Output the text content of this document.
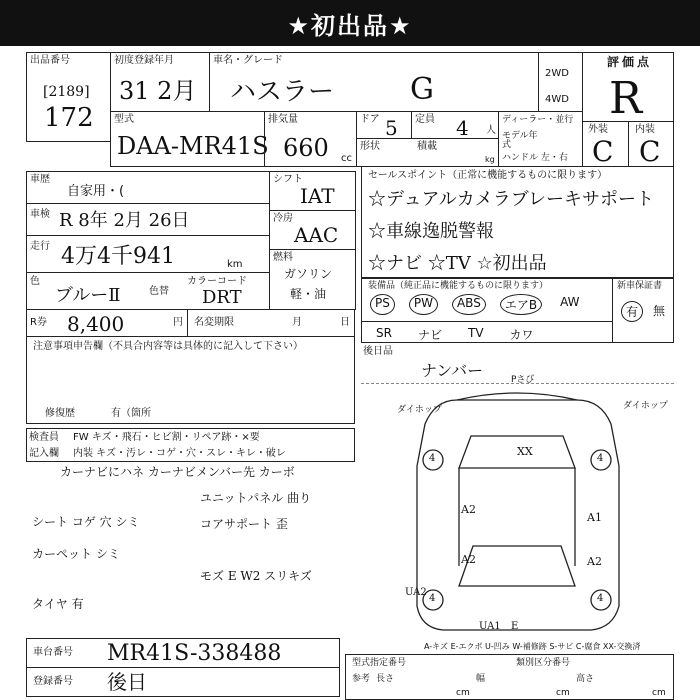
★初出品★
出品番号
[2189]
172
初度登録年月
31 2月
車名・グレード
ハスラー	G	2WD
4WD
型式
DAA-MR41S
排気量
660 cc
ドア 5 定員 4 人
形状	積載
kg
ディーラー・並行
モデル年式
ハンドル 左・右
評価点
R
外装
C
内装
C
車歴
自家用・(
車検 R 8年 2月 26日
走行 4万4千941	km
色
ブルーⅡ	色替
カラーコード
DRT
R券 8,400	円 名変期限	月	日
シフト
IAT
冷房
AAC
燃料
ガソリン
軽・油
セールスポイント（正常に機能するものに限ります）
☆デュアルカメラブレーキサポート
☆車線逸脱警報
☆ナビ ☆TV ☆初出品
装備品（純正品に機能するものに限ります）
PS	PW	ABS	エアB	AW
SR ナビ TV カワ
新車保証書
有	無
後日品
ナンバー
注意事項申告欄（不具合内容等は具体的に記入して下さい）
修復歴	有（箇所
検査員
記入欄
FW キズ・飛石・ヒビ割・リペア跡・×要
内装 キズ・汚レ・コゲ・穴・スレ・キレ・破レ
カーナビにハネ カーナビメンバー先 カーボ
ユニットパネル 曲り
シート コゲ 穴 シミ	コアサポート 歪
カーペット シミ
モズ E W2 スリキズ
タイヤ 有
Pさび
ダイホップ	ダイホップ
XX
A2
A1
A2	A2
UA2
UA1 E
4	4
4	4
A-キズ E-エクボ U-凹み W-補修跡 S-サビ C-腐食 XX-交換済
車台番号 MR41S-338488
登録番号 後日
型式指定番号	類別区分番号
参考 長さ	幅	高さ
cm	cm	cm
